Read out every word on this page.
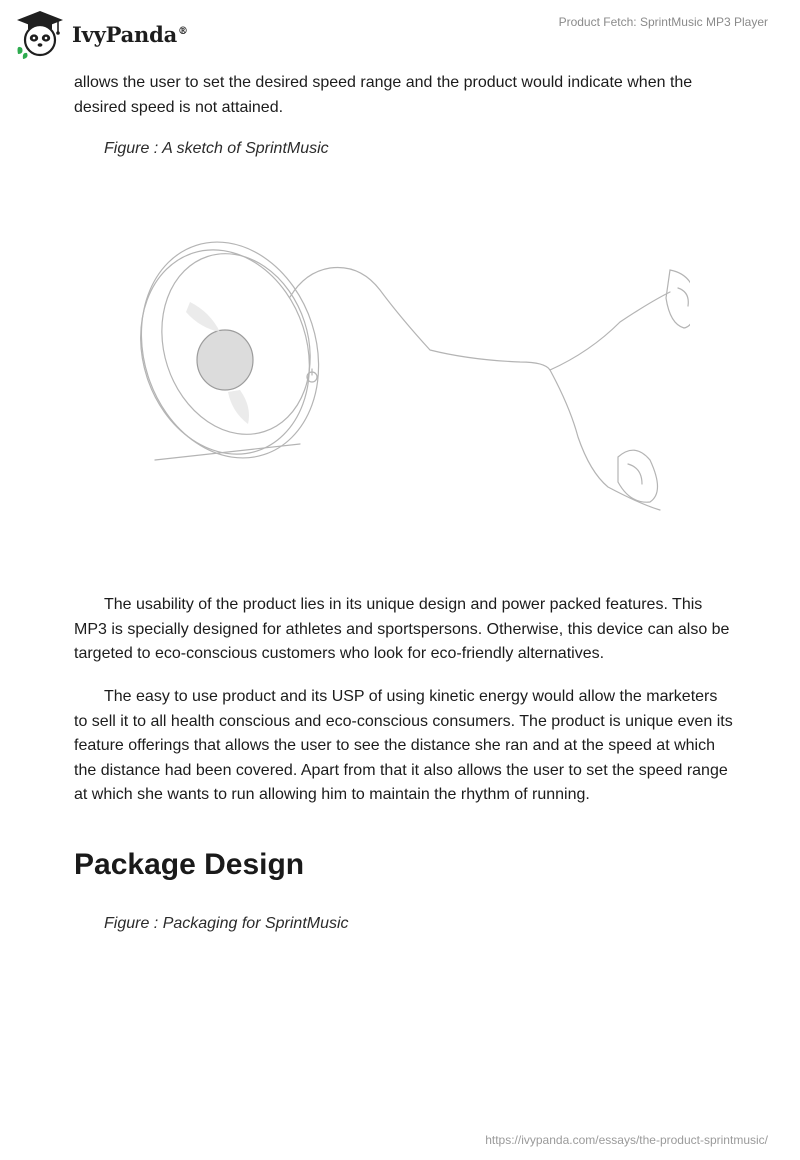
IvyPanda®
Product Fetch: SprintMusic MP3 Player

allows the user to set the desired speed range and the product would indicate when the desired speed is not attained.

Figure : A sketch of SprintMusic

The usability of the product lies in its unique design and power packed features. This MP3 is specially designed for athletes and sportspersons. Otherwise, this device can also be targeted to eco-conscious customers who look for eco-friendly alternatives.

The easy to use product and its USP of using kinetic energy would allow the marketers to sell it to all health conscious and eco-conscious consumers. The product is unique even its feature offerings that allows the user to see the distance she ran and at the speed at which the distance had been covered. Apart from that it also allows the user to set the speed range at which she wants to run allowing him to maintain the rhythm of running.

Package Design
Figure : Packaging for SprintMusic
https://ivypanda.com/essays/the-product-sprintmusic/
